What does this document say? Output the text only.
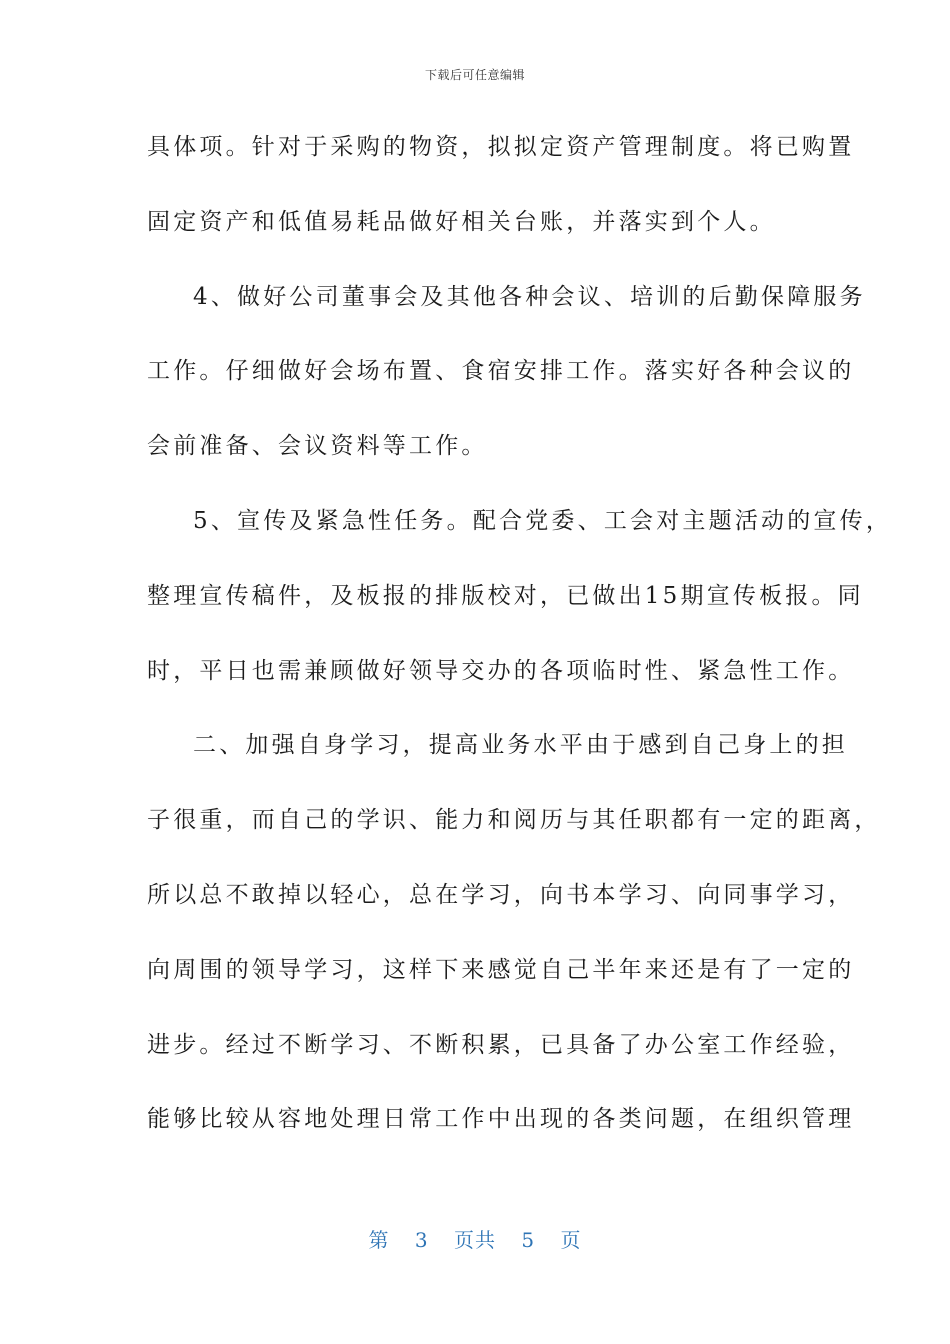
下载后可任意编辑
具体项。针对于采购的物资，拟拟定资产管理制度。将已购置
固定资产和低值易耗品做好相关台账，并落实到个人。
4、做好公司董事会及其他各种会议、培训的后勤保障服务
工作。仔细做好会场布置、食宿安排工作。落实好各种会议的
会前准备、会议资料等工作。
5、宣传及紧急性任务。配合党委、工会对主题活动的宣传，
整理宣传稿件，及板报的排版校对，已做出15期宣传板报。同
时，平日也需兼顾做好领导交办的各项临时性、紧急性工作。
二、加强自身学习，提高业务水平由于感到自己身上的担
子很重，而自己的学识、能力和阅历与其任职都有一定的距离，
所以总不敢掉以轻心，总在学习，向书本学习、向同事学习，
向周围的领导学习，这样下来感觉自己半年来还是有了一定的
进步。经过不断学习、不断积累，已具备了办公室工作经验，
能够比较从容地处理日常工作中出现的各类问题，在组织管理
第 3 页共 5 页
